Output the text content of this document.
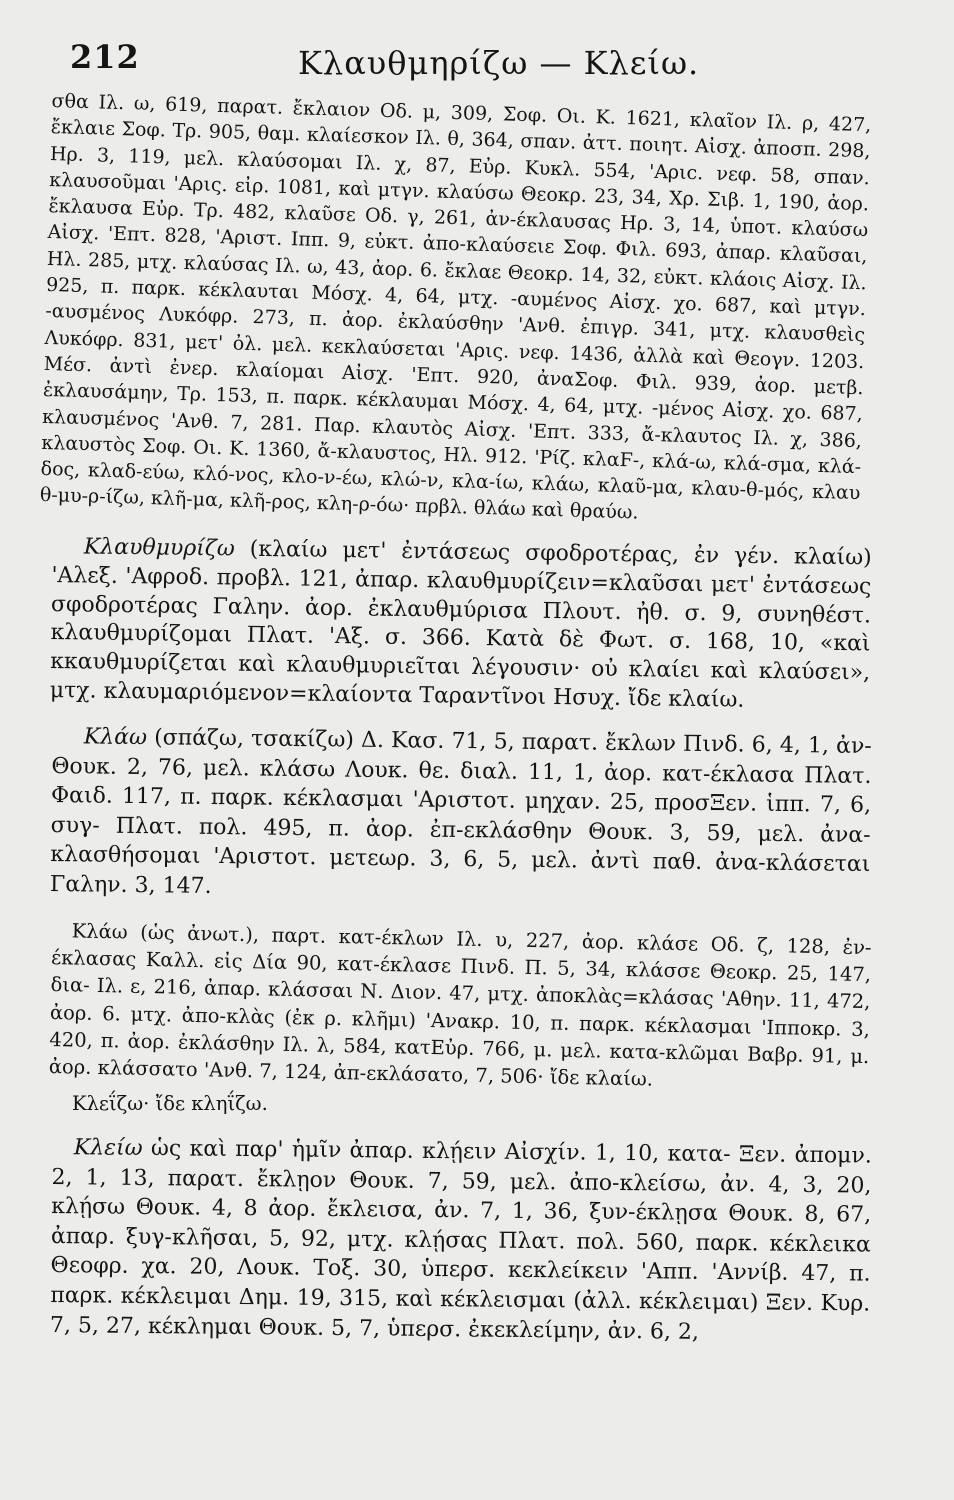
212	Κλαυθμηρίζω — Κλείω.

σθα Ιλ. ω, 619, παρατ. ἔκλαιον Οδ. μ, 309, Σοφ. Οι. Κ. 1621, κλαῖον Ιλ. ρ, 427, ἔκλαιε Σοφ. Τρ. 905, θαμ. κλαίεσκον Ιλ. θ, 364, σπαν. ἀττ. ποιητ. Αἰσχ. ἀποσπ. 298, Ηρ. 3, 119, μελ. κλαύσομαι Ιλ. χ, 87, Εὐρ. Κυκλ. 554, 'Αριc. νεφ. 58, σπαν. κλαυσοῦμαι 'Αρις. εἰρ. 1081, καὶ μτγν. κλαύσω Θεοκρ. 23, 34, Χρ. Σιβ. 1, 190, ἀορ. ἔκλαυσα Εὐρ. Τρ. 482, κλαῦσε Οδ. γ, 261, ἀν-έκλαυσας Ηρ. 3, 14, ὑποτ. κλαύσω Αἰσχ. 'Επτ. 828, 'Αριστ. Ιππ. 9, εὐκτ. ἀπο-κλαύσειε Σοφ. Φιλ. 693, ἀπαρ. κλαῦσαι, Ηλ. 285, μτχ. κλαύσας Ιλ. ω, 43, ἀορ. 6. ἔκλαε Θεοκρ. 14, 32, εὐκτ. κλάοις Αἰσχ. Ιλ. 925, π. παρκ. κέκλαυται Μόσχ. 4, 64, μτχ. -αυμένος Αἰσχ. χο. 687, καὶ μτγν. -αυσμένος Λυκόφρ. 273, π. ἀορ. ἐκλαύσθην 'Ανθ. ἐπιγρ. 341, μτχ. κλαυσθεὶς Λυκόφρ. 831, μετ' ὀλ. μελ. κεκλαύσεται 'Αρις. νεφ. 1436, ἀλλὰ καὶ Θεογν. 1203. Μέσ. ἀντὶ ἐνερ. κλαίομαι Αἰσχ. 'Επτ. 920, ἀναΣοφ. Φιλ. 939, ἀορ. μετβ. ἐκλαυσάμην, Τρ. 153, π. παρκ. κέκλαυμαι Μόσχ. 4, 64, μτχ. -μένος Αἰσχ. χο. 687, κλαυσμένος 'Ανθ. 7, 281. Παρ. κλαυτὸς Αἰσχ. 'Επτ. 333, ἄ-κλαυτος Ιλ. χ, 386, κλαυστὸς Σοφ. Οι. Κ. 1360, ἄ-κλαυστος, Ηλ. 912. 'Ρίζ. κλαϜ-, κλά-ω, κλά-σμα, κλά-δος, κλαδ-εύω, κλό-νος, κλο-ν-έω, κλώ-ν, κλα-ίω, κλάω, κλαῦ-μα, κλαυ-θ-μός, κλαυ θ-μυ-ρ-ίζω, κλῆ-μα, κλῆ-ρος, κλη-ρ-όω· πρβλ. θλάω καὶ θραύω.

Κλαυθμυρίζω (κλαίω μετ' ἐντάσεως σφοδροτέρας, ἐν γέν. κλαίω) 'Αλεξ. 'Αφροδ. προβλ. 121, ἀπαρ. κλαυθμυρίζειν=κλαῦσαι μετ' ἐντάσεως σφοδροτέρας Γαλην. ἀορ. ἐκλαυθμύρισα Πλουτ. ἠθ. σ. 9, συνηθέστ. κλαυθμυρίζομαι Πλατ. 'Αξ. σ. 366. Κατὰ δὲ Φωτ. σ. 168, 10, «καὶ κκαυθμυρίζεται καὶ κλαυθμυριεῖται λέγουσιν· οὐ κλαίει καὶ κλαύσει», μτχ. κλαυμαριόμενον=κλαίοντα Ταραντῖνοι Ησυχ. ἴδε κλαίω.

Κλάω (σπάζω, τσακίζω) Δ. Κασ. 71, 5, παρατ. ἔκλων Πινδ. 6, 4, 1, ἀν- Θουκ. 2, 76, μελ. κλάσω Λουκ. θε. διαλ. 11, 1, ἀορ. κατ-έκλασα Πλατ. Φαιδ. 117, π. παρκ. κέκλασμαι 'Αριστοτ. μηχαν. 25, προσΞεν. ἱππ. 7, 6, συγ- Πλατ. πολ. 495, π. ἀορ. ἐπ-εκλάσθην Θουκ. 3, 59, μελ. ἀνα-κλασθήσομαι 'Αριστοτ. μετεωρ. 3, 6, 5, μελ. ἀντὶ παθ. ἀνα-κλάσεται Γαλην. 3, 147.

Κλάω (ὡς ἀνωτ.), παρτ. κατ-έκλων Ιλ. υ, 227, ἀορ. κλάσε Οδ. ζ, 128, ἐν-έκλασας Καλλ. εἰς Δία 90, κατ-έκλασε Πινδ. Π. 5, 34, κλάσσε Θεοκρ. 25, 147, δια- Ιλ. ε, 216, ἀπαρ. κλάσσαι Ν. Διον. 47, μτχ. ἀποκλὰς=κλάσας 'Αθην. 11, 472, ἀορ. 6. μτχ. ἀπο-κλὰς (ἐκ ρ. κλῆμι) 'Ανακρ. 10, π. παρκ. κέκλασμαι 'Ιπποκρ. 3, 420, π. ἀορ. ἐκλάσθην Ιλ. λ, 584, κατΕὐρ. 766, μ. μελ. κατα-κλῶμαι Βαβρ. 91, μ. ἀορ. κλάσσατο 'Ανθ. 7, 124, ἀπ-εκλάσατο, 7, 506· ἴδε κλαίω.

Κλεΐζω· ἴδε κληΐζω.

Κλείω ὡς καὶ παρ' ἡμῖν ἀπαρ. κλῄειν Αἰσχίν. 1, 10, κατα- Ξεν. ἀπομν. 2, 1, 13, παρατ. ἔκλῃον Θουκ. 7, 59, μελ. ἀπο-κλείσω, ἀν. 4, 3, 20, κλῄσω Θουκ. 4, 8 ἀορ. ἔκλεισα, ἀν. 7, 1, 36, ξυν-έκλῃσα Θουκ. 8, 67, ἀπαρ. ξυγ-κλῆσαι, 5, 92, μτχ. κλῄσας Πλατ. πολ. 560, παρκ. κέκλεικα Θεοφρ. χα. 20, Λουκ. Τοξ. 30, ὑπερσ. κεκλείκειν 'Αππ. 'Αννίβ. 47, π. παρκ. κέκλειμαι Δημ. 19, 315, καὶ κέκλεισμαι (ἀλλ. κέκλειμαι) Ξεν. Κυρ. 7, 5, 27, κέκλημαι Θουκ. 5, 7, ὑπερσ. ἐκεκλείμην, ἀν. 6, 2,
